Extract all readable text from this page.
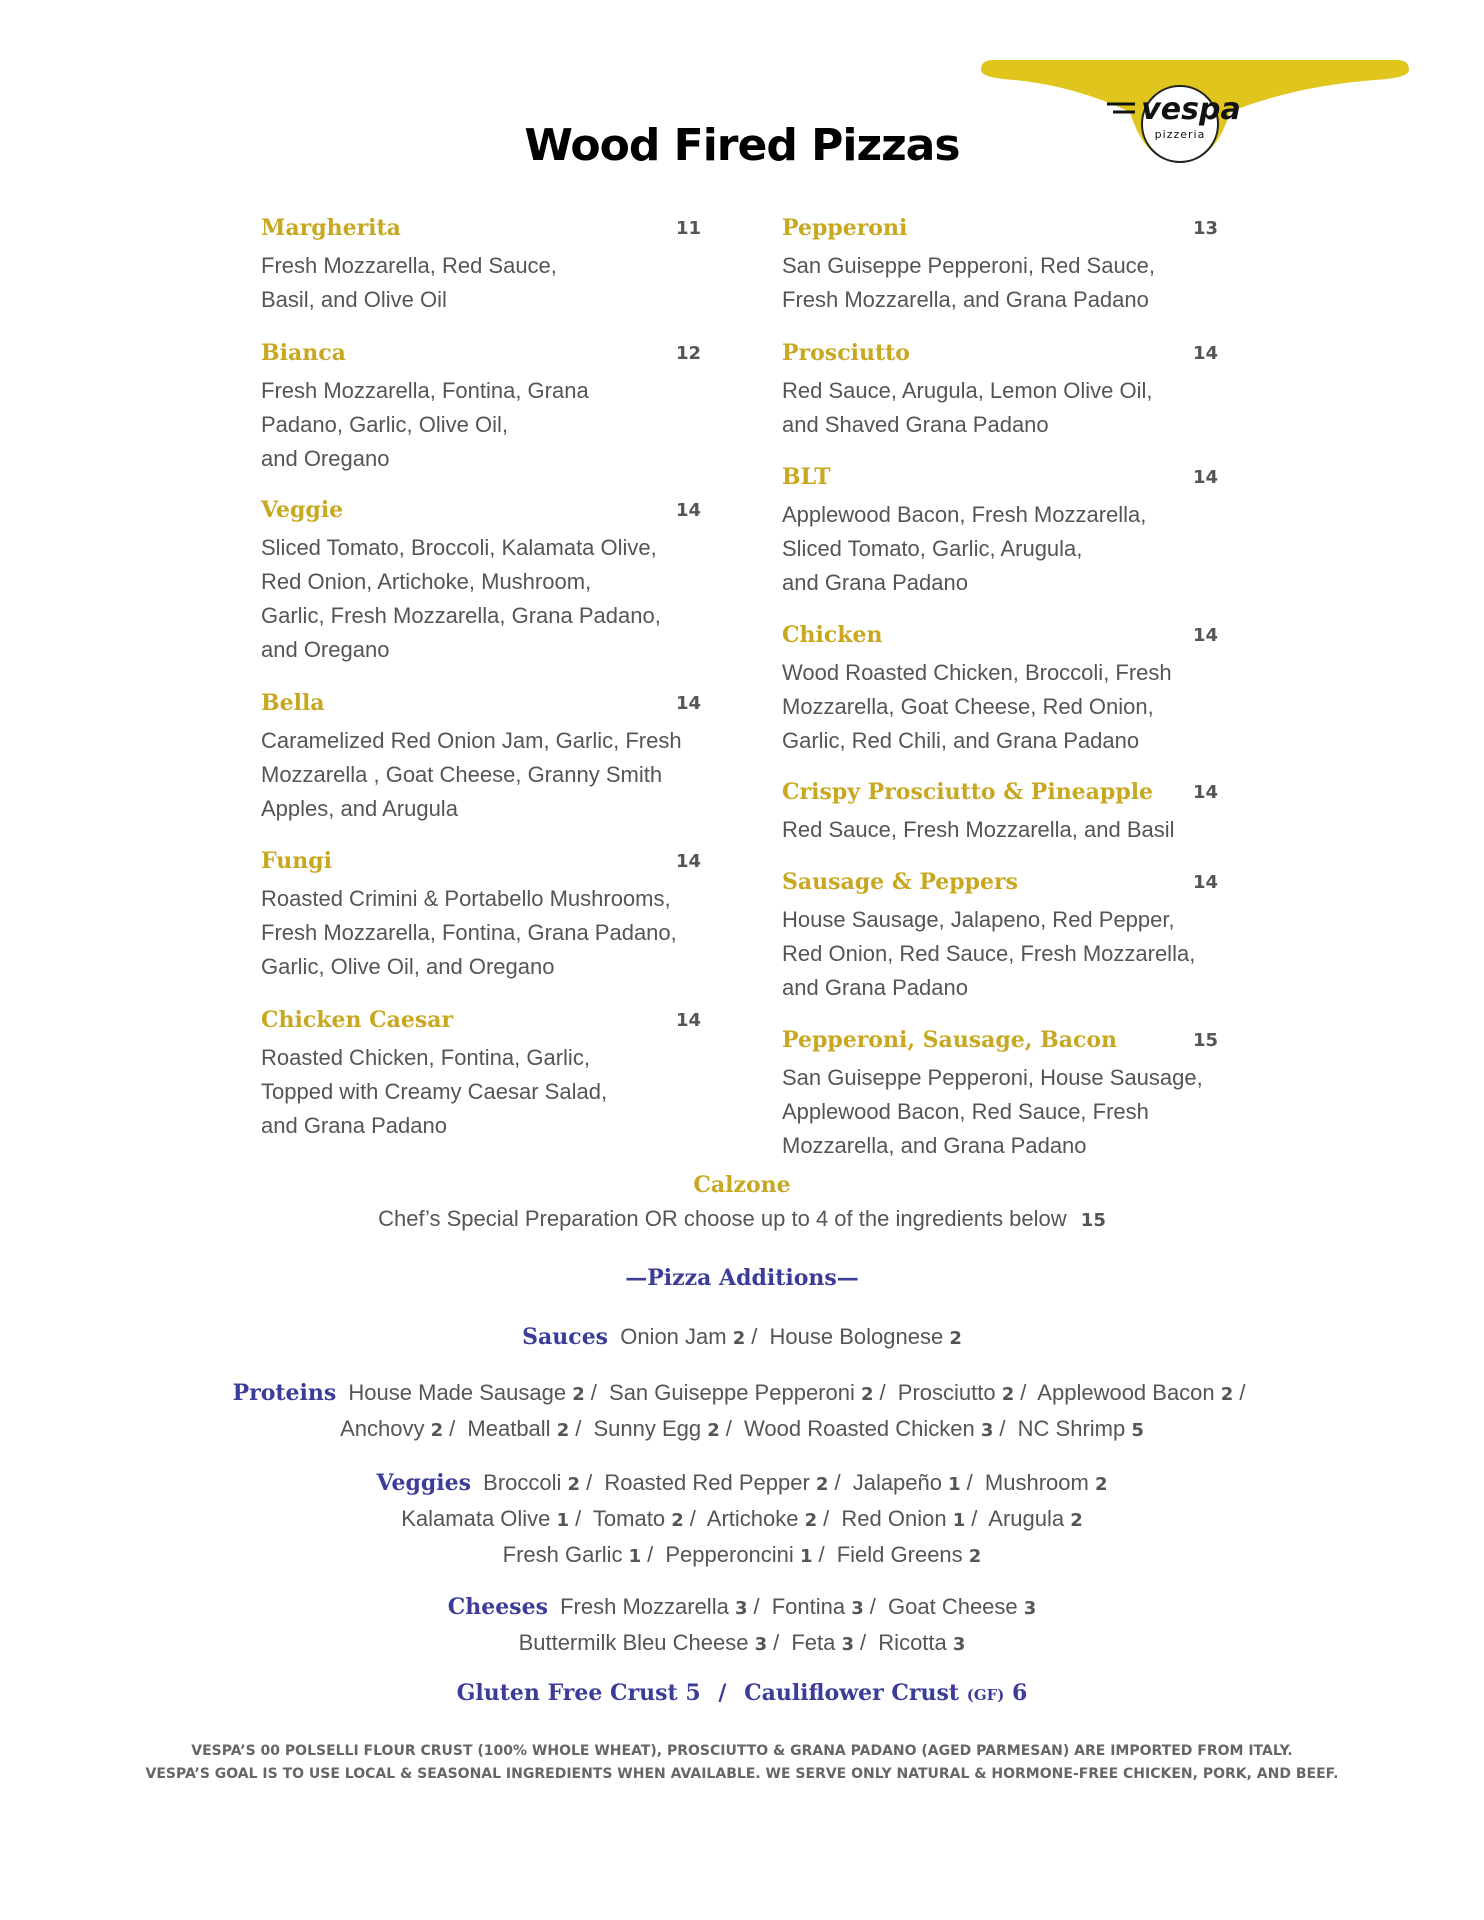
vespa
pizzeria
Wood Fired Pizzas
Margherita	11
Fresh Mozzarella, Red Sauce,
Basil, and Olive Oil
Bianca	12
Fresh Mozzarella, Fontina, Grana
Padano, Garlic, Olive Oil,
and Oregano
Veggie	14
Sliced Tomato, Broccoli, Kalamata Olive,
Red Onion, Artichoke, Mushroom,
Garlic, Fresh Mozzarella, Grana Padano,
and Oregano
Bella	14
Caramelized Red Onion Jam, Garlic, Fresh
Mozzarella , Goat Cheese, Granny Smith
Apples, and Arugula
Fungi	14
Roasted Crimini & Portabello Mushrooms,
Fresh Mozzarella, Fontina, Grana Padano,
Garlic, Olive Oil, and Oregano
Chicken Caesar	14
Roasted Chicken, Fontina, Garlic,
Topped with Creamy Caesar Salad,
and Grana Padano
Pepperoni	13
San Guiseppe Pepperoni, Red Sauce,
Fresh Mozzarella, and Grana Padano
Prosciutto	14
Red Sauce, Arugula, Lemon Olive Oil,
and Shaved Grana Padano
BLT	14
Applewood Bacon, Fresh Mozzarella,
Sliced Tomato, Garlic, Arugula,
and Grana Padano
Chicken	14
Wood Roasted Chicken, Broccoli, Fresh
Mozzarella, Goat Cheese, Red Onion,
Garlic, Red Chili, and Grana Padano
Crispy Prosciutto & Pineapple 14
Red Sauce, Fresh Mozzarella, and Basil
Sausage & Peppers	14
House Sausage, Jalapeno, Red Pepper,
Red Onion, Red Sauce, Fresh Mozzarella,
and Grana Padano
Pepperoni, Sausage, Bacon	15
San Guiseppe Pepperoni, House Sausage,
Applewood Bacon, Red Sauce, Fresh
Mozzarella, and Grana Padano
Calzone
Chef’s Special Preparation OR choose up to 4 of the ingredients below 15
—Pizza Additions—
Sauces Onion Jam 2 / House Bolognese 2
Proteins House Made Sausage 2 / San Guiseppe Pepperoni 2 / Prosciutto 2 / Applewood Bacon 2 /
Anchovy 2 / Meatball 2 / Sunny Egg 2 / Wood Roasted Chicken 3 / NC Shrimp 5
Veggies Broccoli 2 / Roasted Red Pepper 2 / Jalapeño 1 / Mushroom 2
Kalamata Olive 1 / Tomato 2 / Artichoke 2 / Red Onion 1 / Arugula 2
Fresh Garlic 1 / Pepperoncini 1 / Field Greens 2
Cheeses Fresh Mozzarella 3 / Fontina 3 / Goat Cheese 3
Buttermilk Bleu Cheese 3 / Feta 3 / Ricotta 3
Gluten Free Crust 5 / Cauliflower Crust (GF) 6
VESPA’S 00 POLSELLI FLOUR CRUST (100% WHOLE WHEAT), PROSCIUTTO & GRANA PADANO (AGED PARMESAN) ARE IMPORTED FROM ITALY.
VESPA’S GOAL IS TO USE LOCAL & SEASONAL INGREDIENTS WHEN AVAILABLE. WE SERVE ONLY NATURAL & HORMONE-FREE CHICKEN, PORK, AND BEEF.
